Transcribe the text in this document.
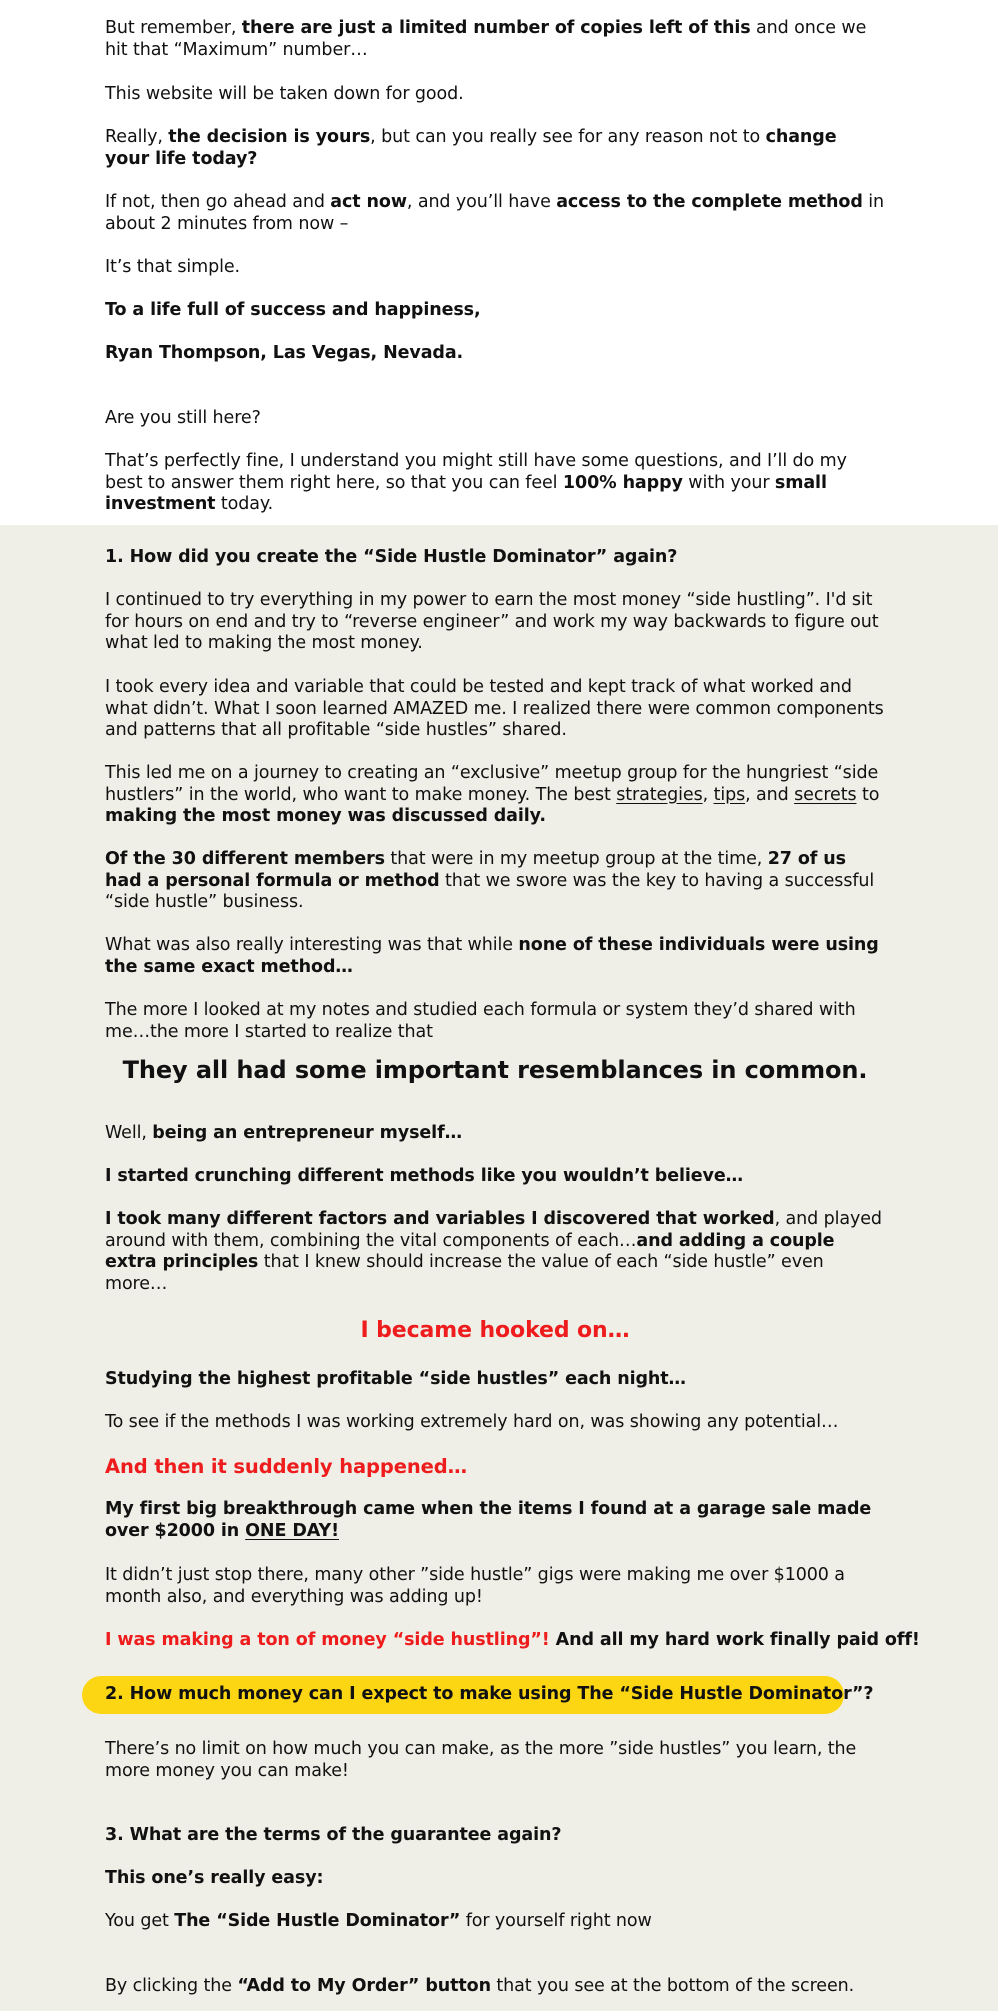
But remember, there are just a limited number of copies left of this and once we hit that “Maximum” number…

This website will be taken down for good.

Really, the decision is yours, but can you really see for any reason not to change your life today?

If not, then go ahead and act now, and you’ll have access to the complete method in about 2 minutes from now –

It’s that simple.

To a life full of success and happiness,

Ryan Thompson, Las Vegas, Nevada.

Are you still here?

That’s perfectly fine, I understand you might still have some questions, and I’ll do my best to answer them right here, so that you can feel 100% happy with your small investment today.

1. How did you create the “Side Hustle Dominator” again?

I continued to try everything in my power to earn the most money “side hustling”. I'd sit for hours on end and try to “reverse engineer” and work my way backwards to figure out what led to making the most money.

I took every idea and variable that could be tested and kept track of what worked and what didn’t. What I soon learned AMAZED me. I realized there were common components and patterns that all profitable “side hustles” shared.

This led me on a journey to creating an “exclusive” meetup group for the hungriest “side hustlers” in the world, who want to make money. The best strategies, tips, and secrets to making the most money was discussed daily.

Of the 30 different members that were in my meetup group at the time, 27 of us had a personal formula or method that we swore was the key to having a successful “side hustle” business.

What was also really interesting was that while none of these individuals were using the same exact method…

The more I looked at my notes and studied each formula or system they’d shared with me…the more I started to realize that

They all had some important resemblances in common.

Well, being an entrepreneur myself…

I started crunching different methods like you wouldn’t believe…

I took many different factors and variables I discovered that worked, and played around with them, combining the vital components of each…and adding a couple extra principles that I knew should increase the value of each “side hustle” even more…

I became hooked on…

Studying the highest profitable “side hustles” each night…

To see if the methods I was working extremely hard on, was showing any potential…

And then it suddenly happened…

My first big breakthrough came when the items I found at a garage sale made over $2000 in ONE DAY!

It didn’t just stop there, many other ”side hustle” gigs were making me over $1000 a month also, and everything was adding up!

I was making a ton of money “side hustling”! And all my hard work finally paid off!

2. How much money can I expect to make using The “Side Hustle Dominator”?

There’s no limit on how much you can make, as the more ”side hustles” you learn, the more money you can make!

3. What are the terms of the guarantee again?

This one’s really easy:

You get The “Side Hustle Dominator” for yourself right now

By clicking the “Add to My Order” button that you see at the bottom of the screen.
